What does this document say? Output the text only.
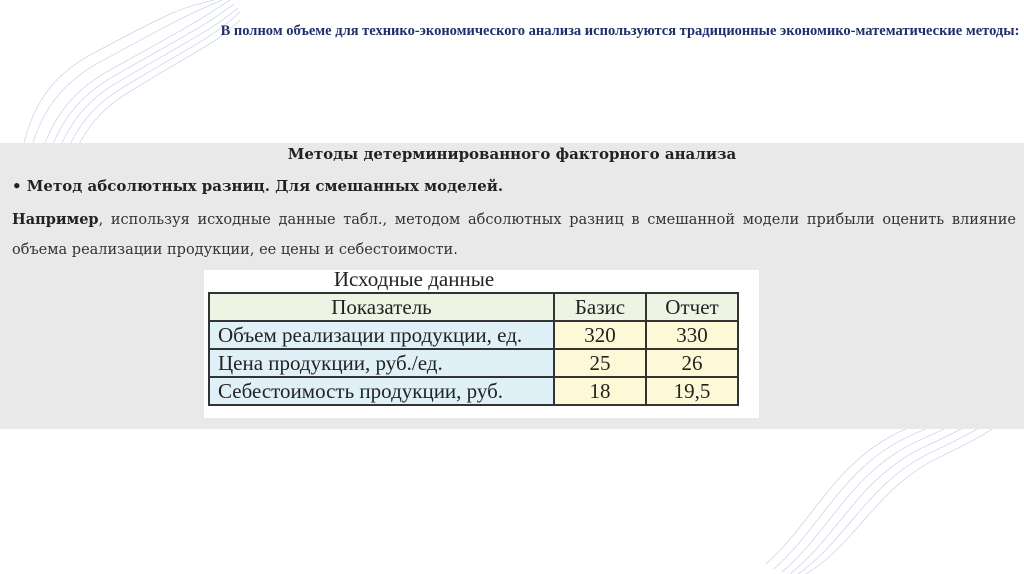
В полном объеме для технико-экономического анализа используются традиционные экономико-математические методы:
Методы детерминированного факторного анализа
• Метод абсолютных разниц. Для смешанных моделей.
Например, используя исходные данные табл., методом абсолютных разниц в смешанной модели прибыли оценить влияние объема реализации продукции, ее цены и себестоимости.
Исходные данные
Показатель	Базис	Отчет
Объем реализации продукции, ед.	320	330
Цена продукции, руб./ед.	25	26
Себестоимость продукции, руб.	18	19,5
